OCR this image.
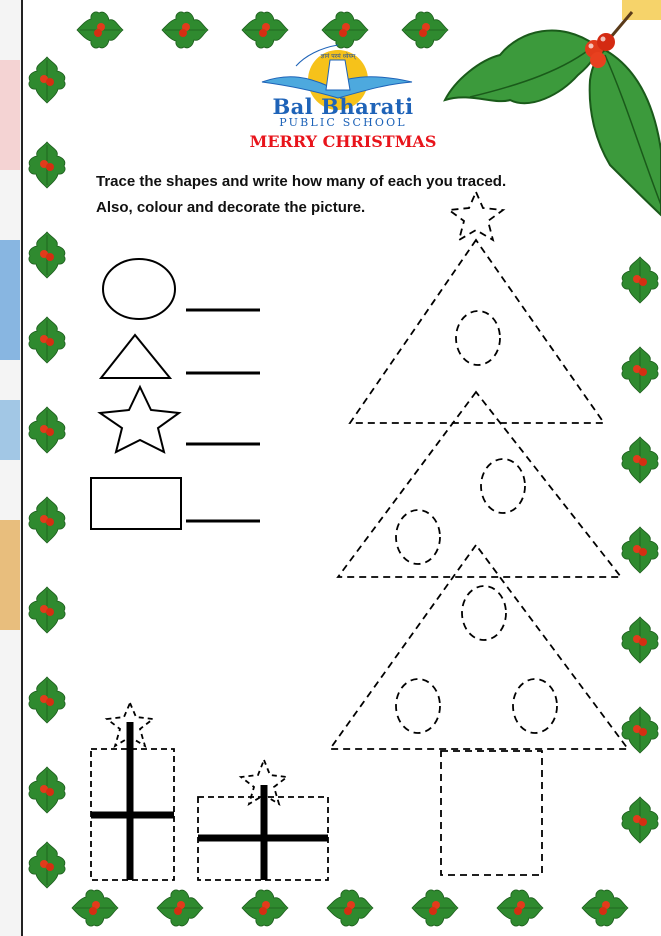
ज्ञानं परमं ध्येयम्
Bal Bharati
PUBLIC SCHOOL
MERRY CHRISTMAS
Trace the shapes and write how many of each you traced.
Also, colour and decorate the picture.
